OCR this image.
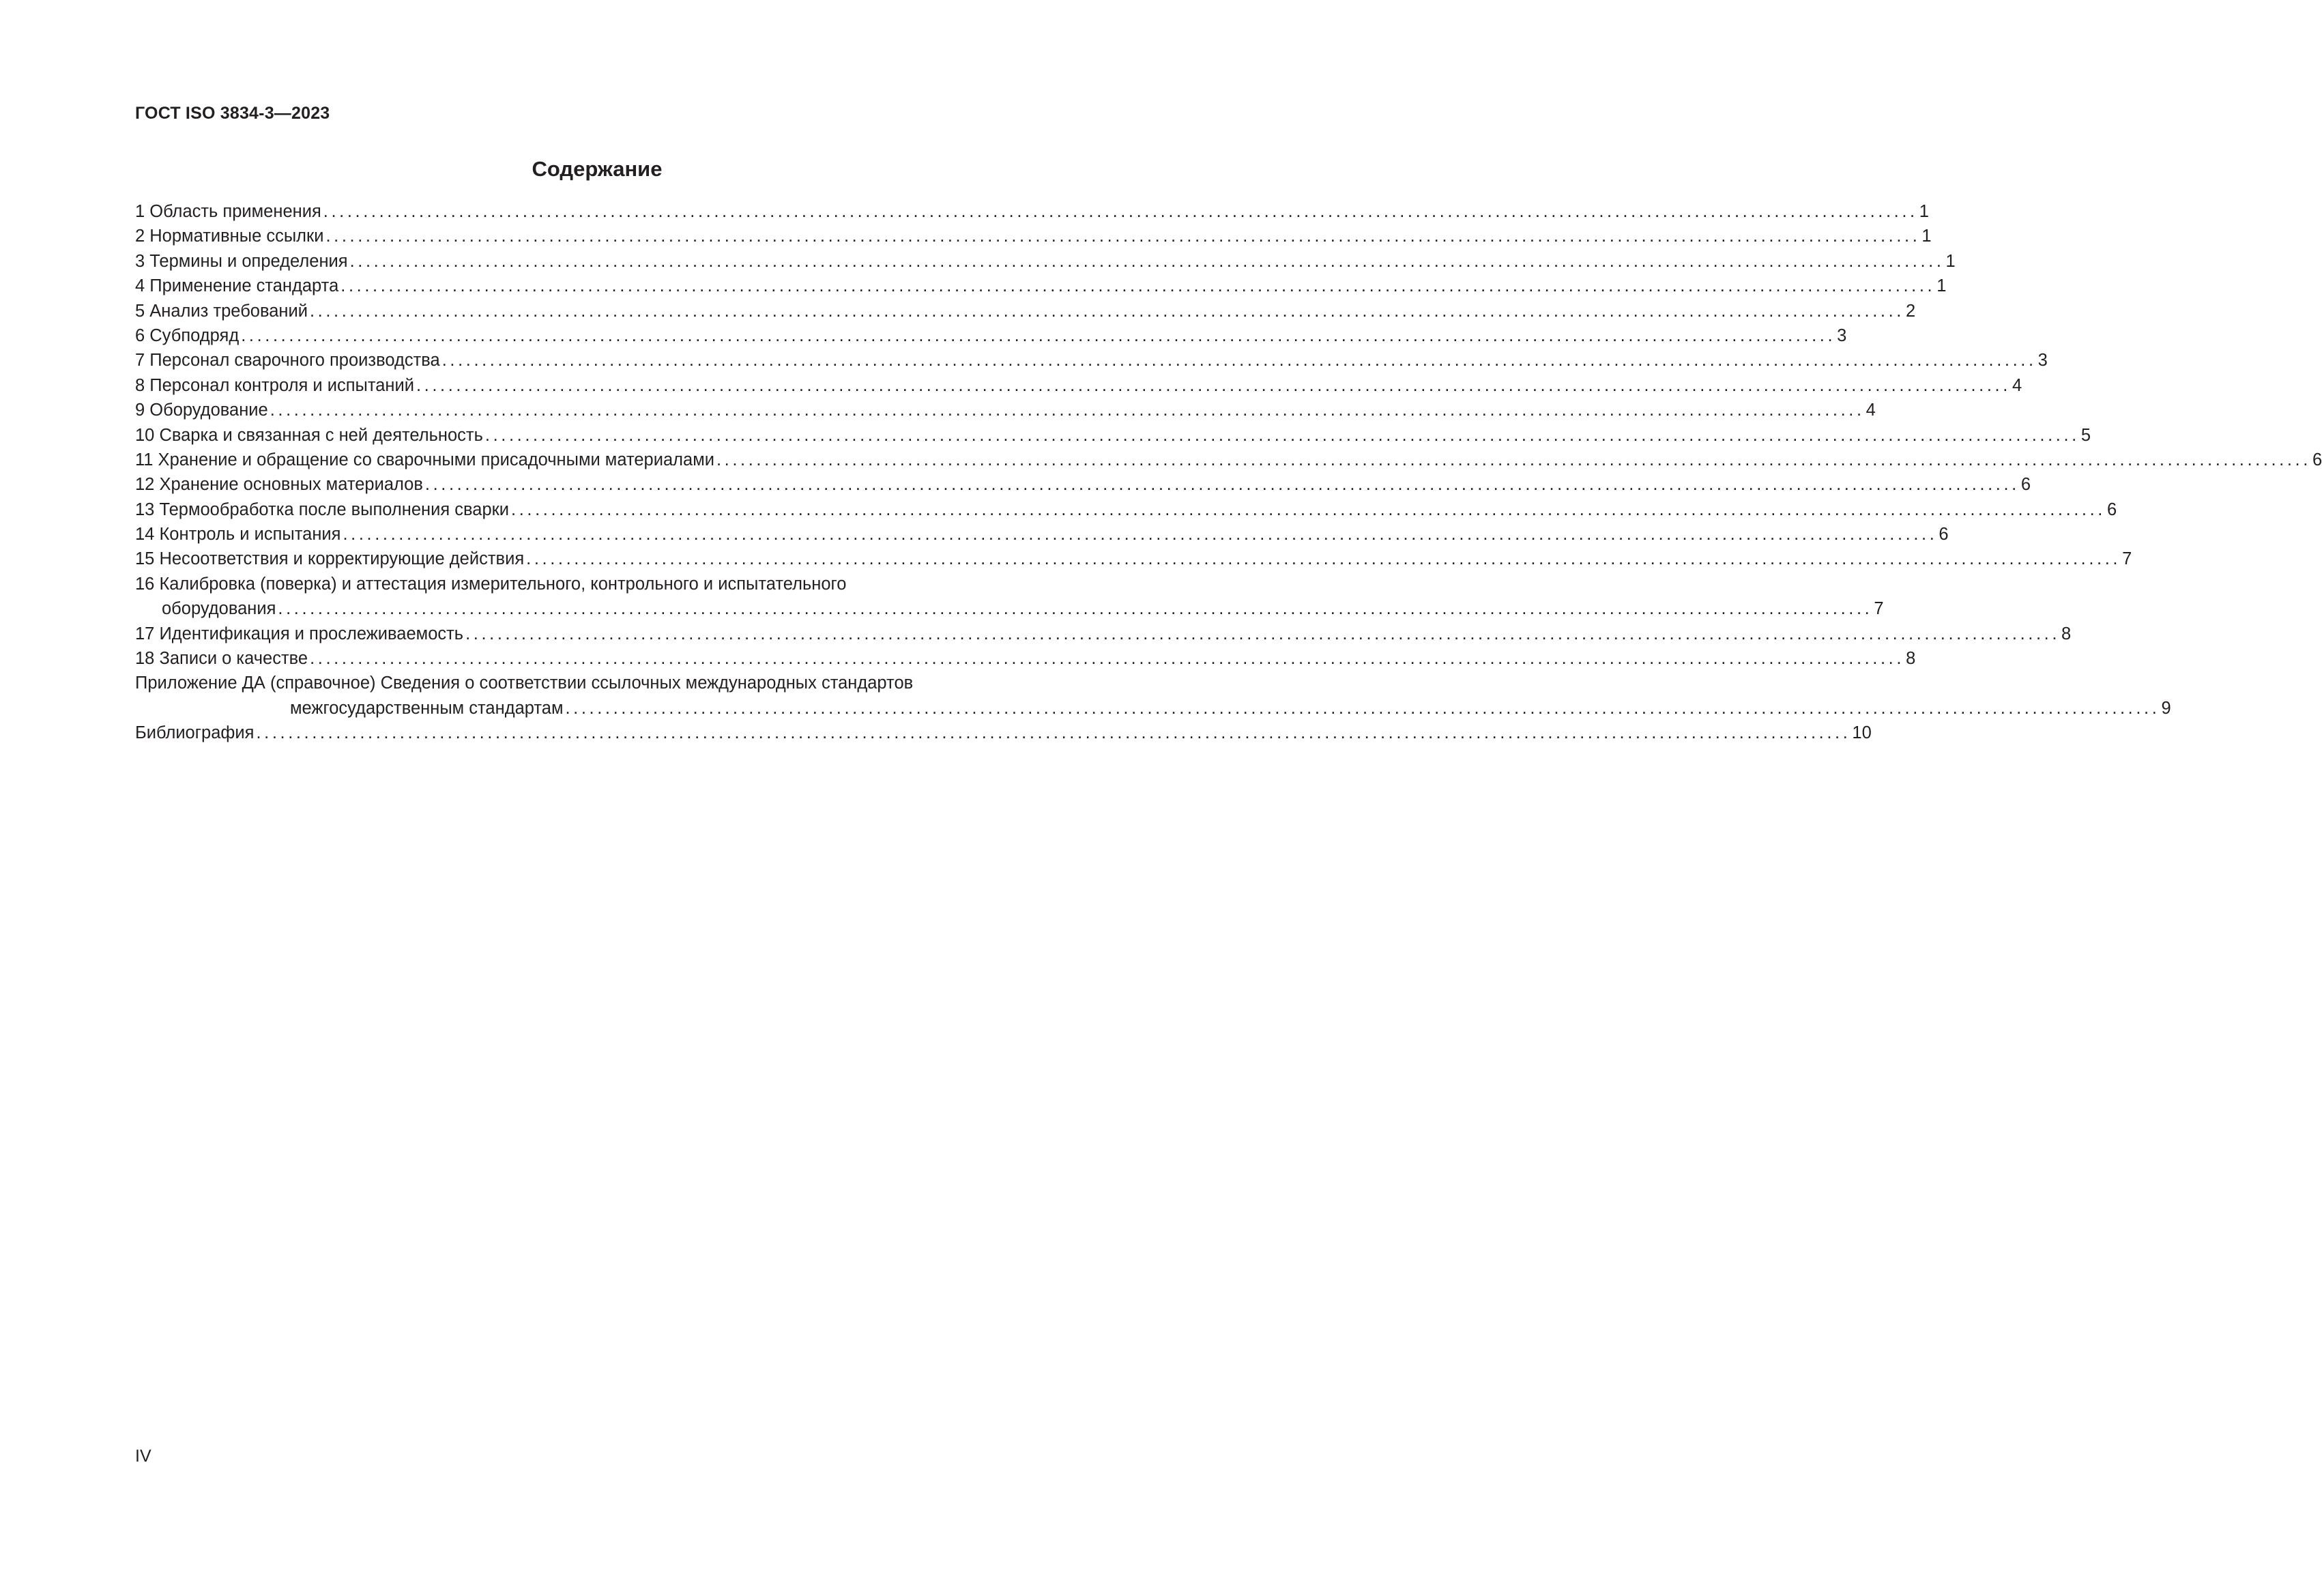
ГОСТ ISO 3834-3—2023
Содержание
1 Область применения ........................................................................................................................................................................................................ 1
2 Нормативные ссылки ........................................................................................................................................................................................................ 1
3 Термины и определения ........................................................................................................................................................................................................ 1
4 Применение стандарта ........................................................................................................................................................................................................ 1
5 Анализ требований ........................................................................................................................................................................................................ 2
6 Субподряд ........................................................................................................................................................................................................ 3
7 Персонал сварочного производства ........................................................................................................................................................................................................ 3
8 Персонал контроля и испытаний ........................................................................................................................................................................................................ 4
9 Оборудование ........................................................................................................................................................................................................ 4
10 Сварка и связанная с ней деятельность ........................................................................................................................................................................................................ 5
11 Хранение и обращение со сварочными присадочными материалами ........................................................................................................................................................................................................ 6
12 Хранение основных материалов ........................................................................................................................................................................................................ 6
13 Термообработка после выполнения сварки ........................................................................................................................................................................................................ 6
14 Контроль и испытания ........................................................................................................................................................................................................ 6
15 Несоответствия и корректирующие действия ........................................................................................................................................................................................................ 7
16 Калибровка (поверка) и аттестация измерительного, контрольного и испытательного
оборудования ........................................................................................................................................................................................................ 7
17 Идентификация и прослеживаемость ........................................................................................................................................................................................................ 8
18 Записи о качестве ........................................................................................................................................................................................................ 8
Приложение ДА (справочное) Сведения о соответствии ссылочных международных стандартов
межгосударственным стандартам ........................................................................................................................................................................................................ 9
Библиография ........................................................................................................................................................................................................ 10
IV
